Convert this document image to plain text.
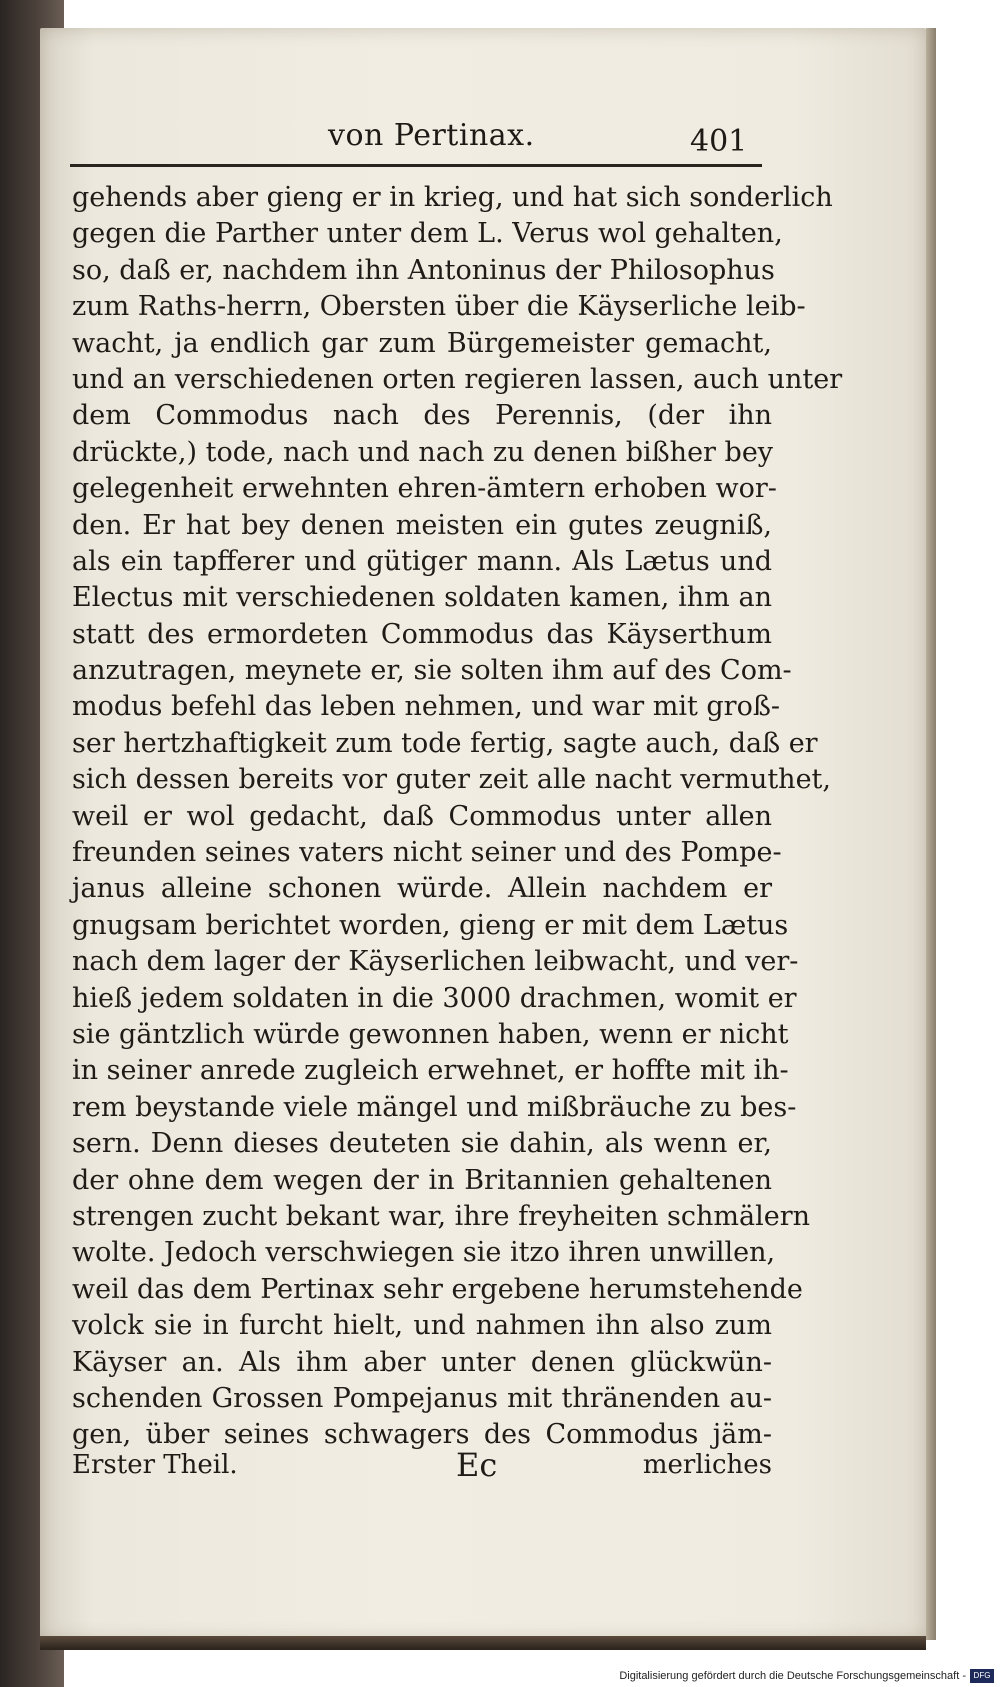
von Pertinax.	401
gehends aber gieng er in krieg, und hat sich sonderlich
gegen die Parther unter dem L. Verus wol gehalten,
so, daß er, nachdem ihn Antoninus der Philosophus
zum Raths-herrn, Obersten über die Käyserliche leib-
wacht, ja endlich gar zum Bürgemeister gemacht,
und an verschiedenen orten regieren lassen, auch unter
dem Commodus nach des Perennis, (der ihn
drückte,) tode, nach und nach zu denen bißher bey
gelegenheit erwehnten ehren-ämtern erhoben wor-
den. Er hat bey denen meisten ein gutes zeugniß,
als ein tapfferer und gütiger mann. Als Lætus und
Electus mit verschiedenen soldaten kamen, ihm an
statt des ermordeten Commodus das Käyserthum
anzutragen, meynete er, sie solten ihm auf des Com-
modus befehl das leben nehmen, und war mit groß-
ser hertzhaftigkeit zum tode fertig, sagte auch, daß er
sich dessen bereits vor guter zeit alle nacht vermuthet,
weil er wol gedacht, daß Commodus unter allen
freunden seines vaters nicht seiner und des Pompe-
janus alleine schonen würde. Allein nachdem er
gnugsam berichtet worden, gieng er mit dem Lætus
nach dem lager der Käyserlichen leibwacht, und ver-
hieß jedem soldaten in die 3000 drachmen, womit er
sie gäntzlich würde gewonnen haben, wenn er nicht
in seiner anrede zugleich erwehnet, er hoffte mit ih-
rem beystande viele mängel und mißbräuche zu bes-
sern. Denn dieses deuteten sie dahin, als wenn er,
der ohne dem wegen der in Britannien gehaltenen
strengen zucht bekant war, ihre freyheiten schmälern
wolte. Jedoch verschwiegen sie itzo ihren unwillen,
weil das dem Pertinax sehr ergebene herumstehende
volck sie in furcht hielt, und nahmen ihn also zum
Käyser an. Als ihm aber unter denen glückwün-
schenden Grossen Pompejanus mit thränenden au-
gen, über seines schwagers des Commodus jäm-
Erster Theil.	Ec	merliches
Digitalisierung gefördert durch die Deutsche Forschungsgemeinschaft - DFG
